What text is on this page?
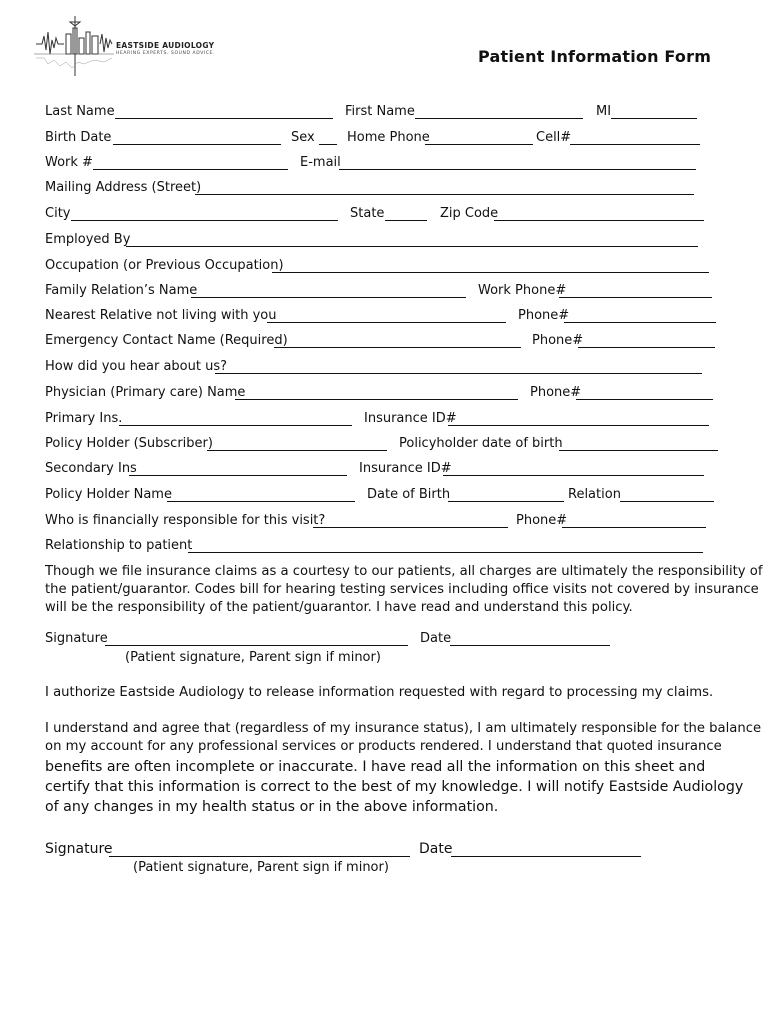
EASTSIDE AUDIOLOGY
HEARING EXPERTS. SOUND ADVICE.	Patient Information Form
Last Name	First Name	MI
Birth Date	Sex Home Phone	Cell#
Work #	E-mail
Mailing Address (Street)
City	State	Zip Code
Employed By
Occupation (or Previous Occupation)
Family Relation’s Name	Work Phone#
Nearest Relative not living with you	Phone#
Emergency Contact Name (Required)	Phone#
How did you hear about us?
Physician (Primary care) Name	Phone#
Primary Ins.	Insurance ID#
Policy Holder (Subscriber)	Policyholder date of birth
Secondary Ins	Insurance ID#
Policy Holder Name	Date of Birth	Relation
Who is financially responsible for this visit?	Phone#
Relationship to patient
Though we file insurance claims as a courtesy to our patients, all charges are ultimately the responsibility of
the patient/guarantor. Codes bill for hearing testing services including office visits not covered by insurance
will be the responsibility of the patient/guarantor. I have read and understand this policy.
Signature	Date
(Patient signature, Parent sign if minor)
I authorize Eastside Audiology to release information requested with regard to processing my claims.
I understand and agree that (regardless of my insurance status), I am ultimately responsible for the balance
on my account for any professional services or products rendered. I understand that quoted insurance
benefits are often incomplete or inaccurate. I have read all the information on this sheet and
certify that this information is correct to the best of my knowledge. I will notify Eastside Audiology
of any changes in my health status or in the above information.
Signature	Date
(Patient signature, Parent sign if minor)
